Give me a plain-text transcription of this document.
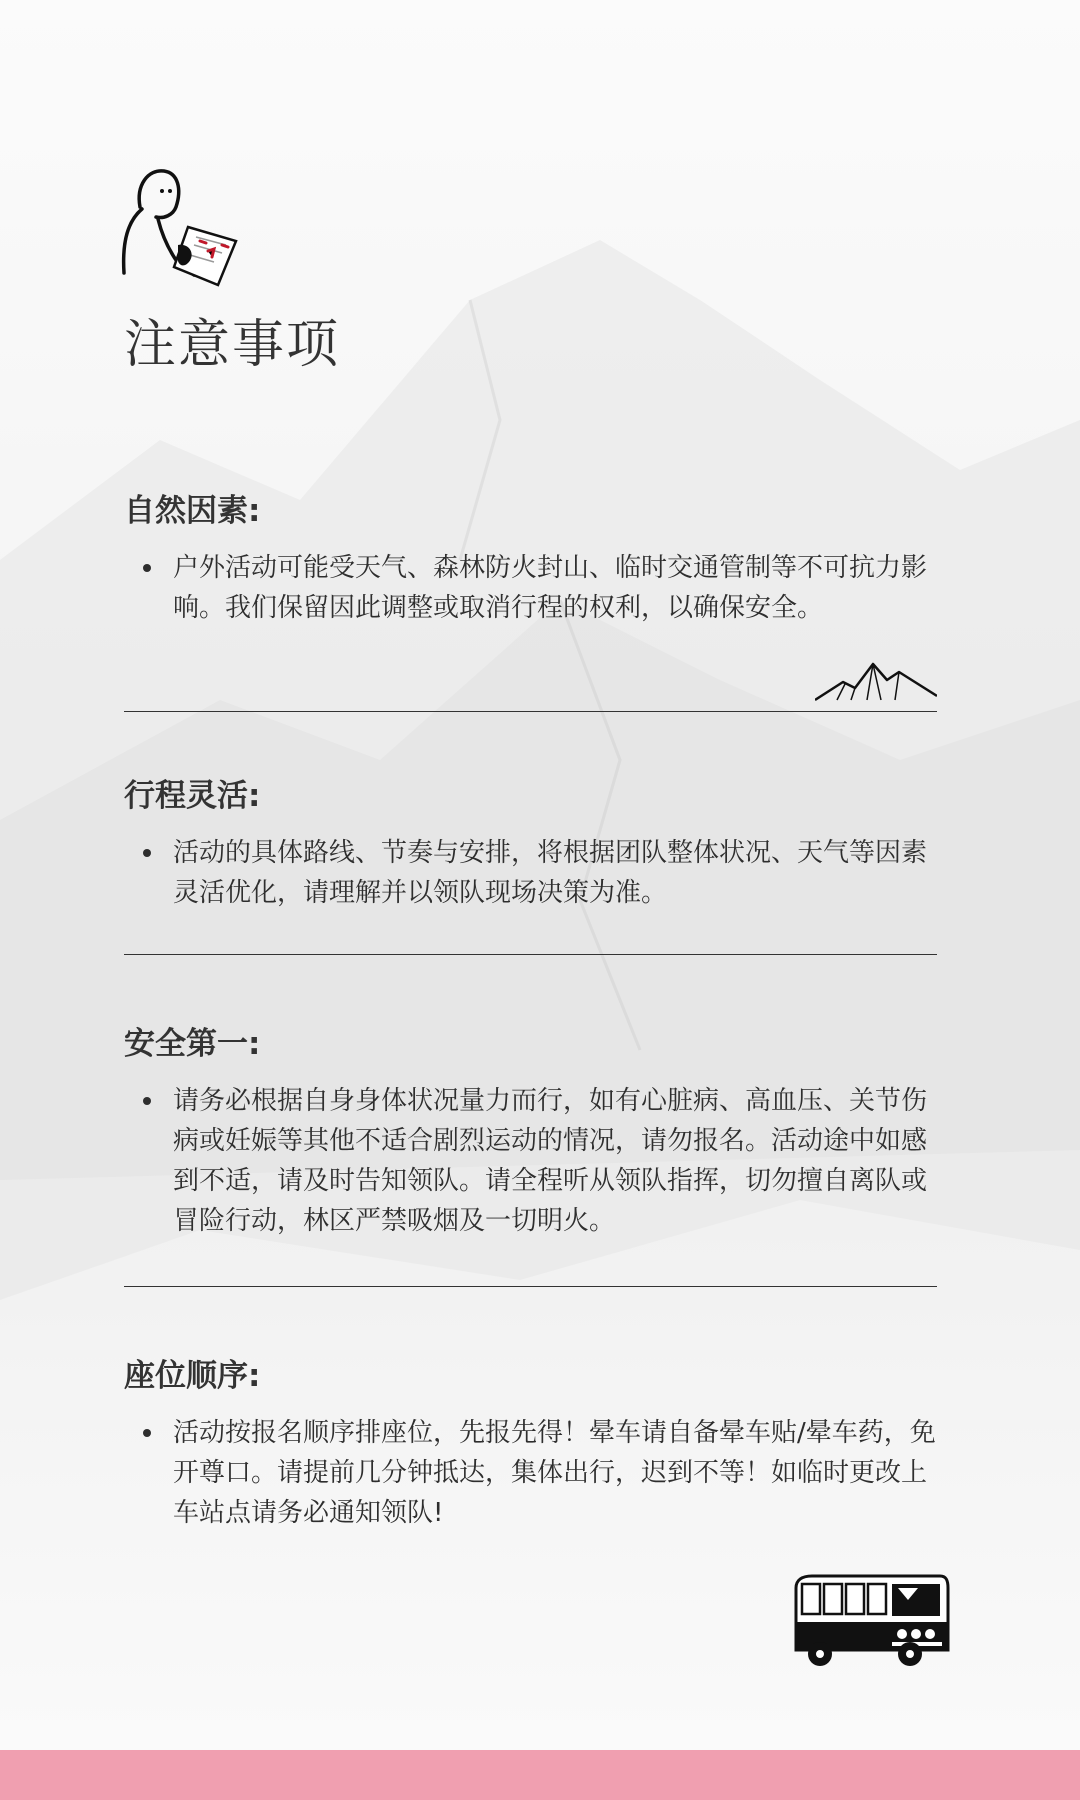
注意事项
自然因素:
户外活动可能受天气、森林防火封山、临时交通管制等不可抗力影响。我们保留因此调整或取消行程的权利，以确保安全。
行程灵活:
活动的具体路线、节奏与安排，将根据团队整体状况、天气等因素灵活优化，请理解并以领队现场决策为准。
安全第一:
请务必根据自身身体状况量力而行，如有心脏病、高血压、关节伤病或妊娠等其他不适合剧烈运动的情况，请勿报名。活动途中如感到不适，请及时告知领队。请全程听从领队指挥，切勿擅自离队或冒险行动，林区严禁吸烟及一切明火。
座位顺序:
活动按报名顺序排座位，先报先得！晕车请自备晕车贴/晕车药，免开尊口。请提前几分钟抵达，集体出行，迟到不等！如临时更改上车站点请务必通知领队!
